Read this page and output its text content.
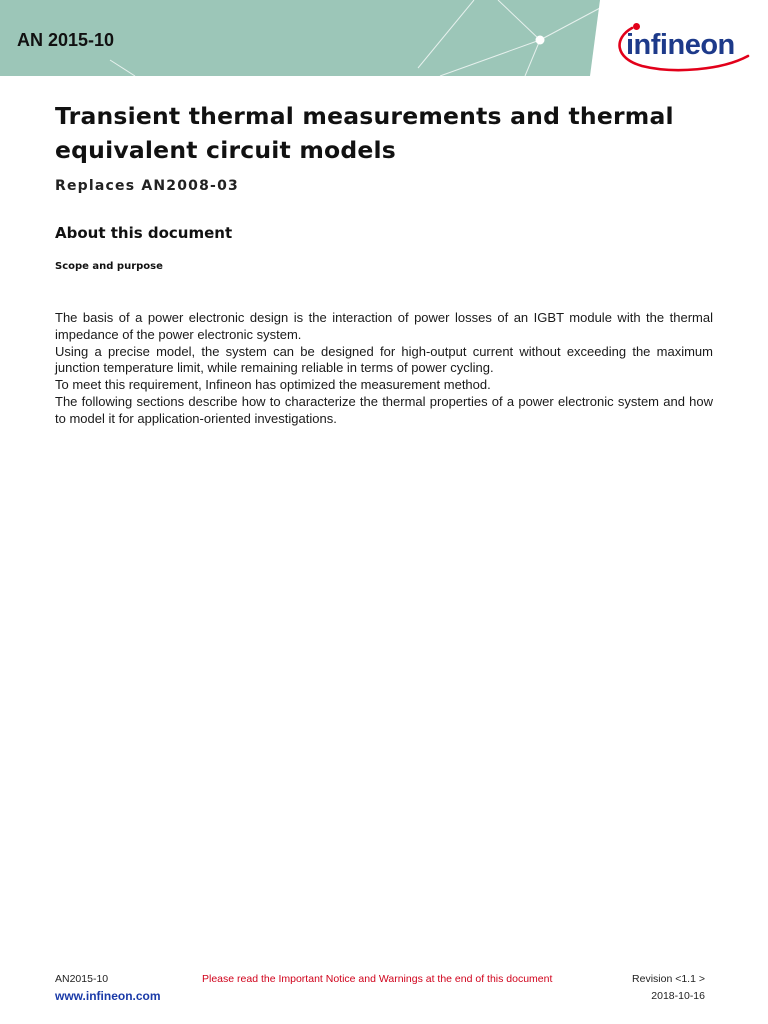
AN 2015-10	infineon
Transient thermal measurements and thermal equivalent circuit models
Replaces AN2008-03
About this document
Scope and purpose

The basis of a power electronic design is the interaction of power losses of an IGBT module with the thermal impedance of the power electronic system.

Using a precise model, the system can be designed for high-output current without exceeding the maximum junction temperature limit, while remaining reliable in terms of power cycling.

To meet this requirement, Infineon has optimized the measurement method.

The following sections describe how to characterize the thermal properties of a power electronic system and how to model it for application-oriented investigations.

AN2015-10
www.infineon.com
Please read the Important Notice and Warnings at the end of this document	Revision <1.1 >
2018-10-16
